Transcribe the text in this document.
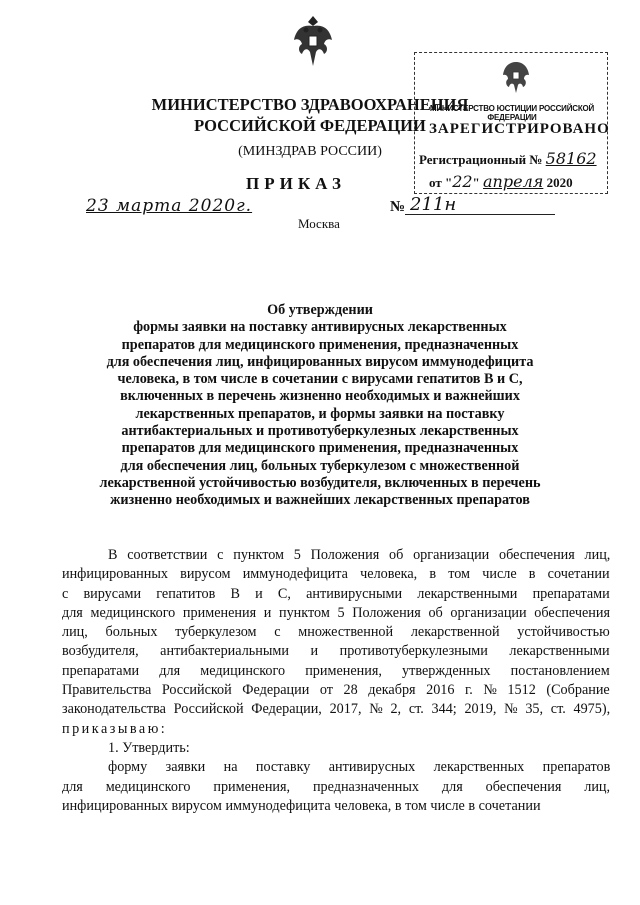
МИНИСТЕРСТВО ЗДРАВООХРАНЕНИЯ
РОССИЙСКОЙ ФЕДЕРАЦИИ
(МИНЗДРАВ РОССИИ)
ПРИКАЗ
МИНИСТЕРСТВО ЮСТИЦИИ РОССИЙСКОЙ ФЕДЕРАЦИИ
ЗАРЕГИСТРИРОВАНО
Регистрационный № 58162
от "22" апреля 2020
23 марта 2020г.
Москва
№ 211н
Об утверждении
формы заявки на поставку антивирусных лекарственных
препаратов для медицинского применения, предназначенных
для обеспечения лиц, инфицированных вирусом иммунодефицита
человека, в том числе в сочетании с вирусами гепатитов B и C,
включенных в перечень жизненно необходимых и важнейших
лекарственных препаратов, и формы заявки на поставку
антибактериальных и противотуберкулезных лекарственных
препаратов для медицинского применения, предназначенных
для обеспечения лиц, больных туберкулезом с множественной
лекарственной устойчивостью возбудителя, включенных в перечень
жизненно необходимых и важнейших лекарственных препаратов
В соответствии с пунктом 5 Положения об организации обеспечения лиц,
инфицированных вирусом иммунодефицита человека, в том числе в сочетании
с вирусами гепатитов B и C, антивирусными лекарственными препаратами
для медицинского применения и пунктом 5 Положения об организации обеспечения
лиц, больных туберкулезом с множественной лекарственной устойчивостью
возбудителя, антибактериальными и противотуберкулезными лекарственными
препаратами для медицинского применения, утвержденных постановлением
Правительства Российской Федерации от 28 декабря 2016 г. № 1512 (Собрание
законодательства Российской Федерации, 2017, № 2, ст. 344; 2019, № 35, ст. 4975),
приказываю:
1. Утвердить:
форму заявки на поставку антивирусных лекарственных препаратов
для медицинского применения, предназначенных для обеспечения лиц,
инфицированных вирусом иммунодефицита человека, в том числе в сочетании
